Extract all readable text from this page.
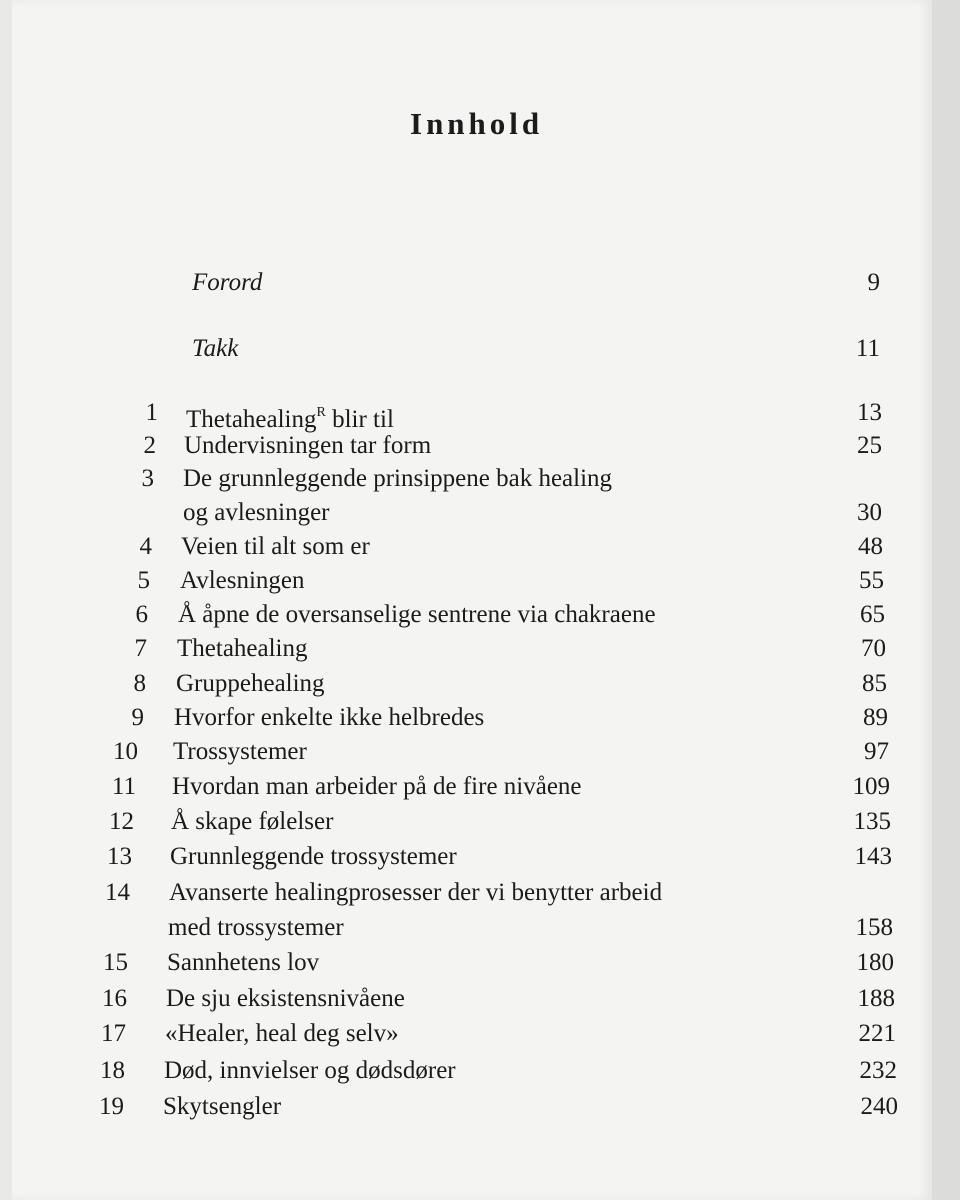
Innhold
Forord	9
Takk	11
1 Thetahealing$^R$ blir til	13
2 Undervisningen tar form	25
3 De grunnleggende prinsippene bak healing
og avlesninger	30
4 Veien til alt som er	48
5 Avlesningen	55
6 Å åpne de oversanselige sentrene via chakraene	65
7 Thetahealing	70
8 Gruppehealing	85
9 Hvorfor enkelte ikke helbredes	89
10 Trossystemer	97
11 Hvordan man arbeider på de fire nivåene	109
12 Å skape følelser	135
13 Grunnleggende trossystemer	143
14 Avanserte healingprosesser der vi benytter arbeid
med trossystemer	158
15 Sannhetens lov	180
16 De sju eksistensnivåene	188
17 «Healer, heal deg selv»	221
18 Død, innvielser og dødsdører	232
19 Skytsengler	240
